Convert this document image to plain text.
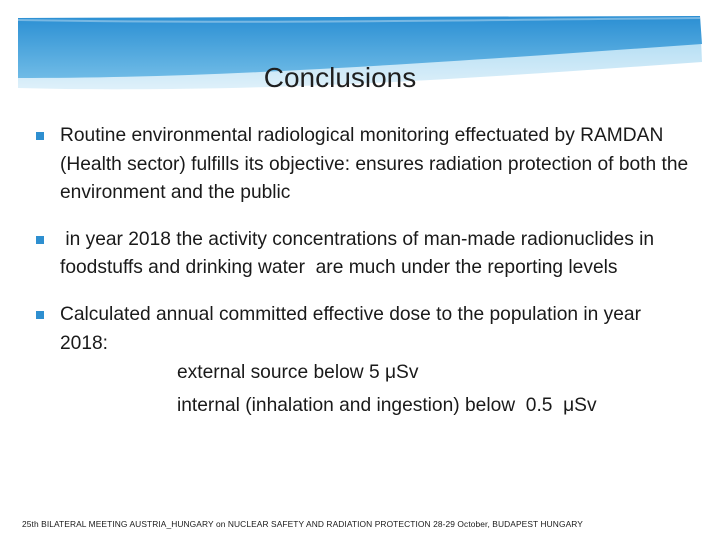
Conclusions
Routine environmental radiological monitoring effectuated by RAMDAN (Health sector) fulfills its objective: ensures radiation protection of both the environment and the public
in year 2018 the activity concentrations of man-made radionuclides in foodstuffs and drinking water  are much under the reporting levels
Calculated annual committed effective dose to the population in year 2018:
external source below 5 μSv
internal (inhalation and ingestion) below  0.5  μSv
25th BILATERAL MEETING AUSTRIA_HUNGARY on NUCLEAR SAFETY AND RADIATION PROTECTION 28-29 October, BUDAPEST HUNGARY
